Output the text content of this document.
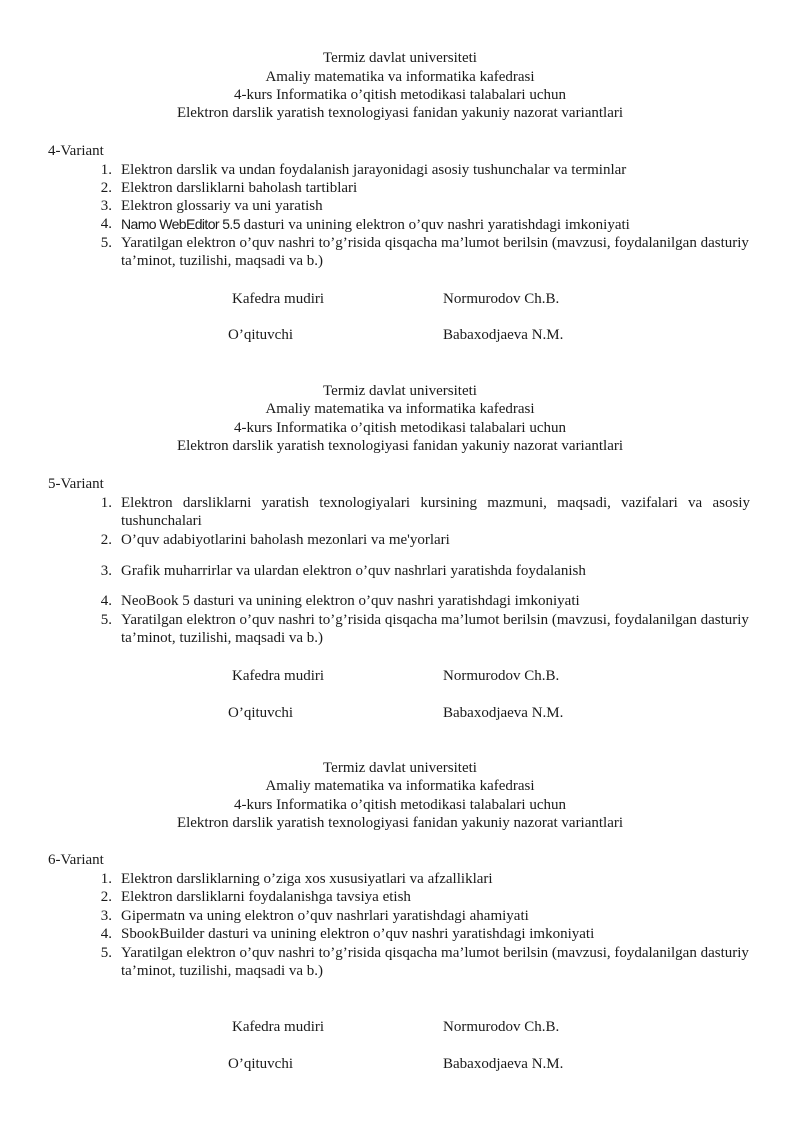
Termiz davlat universiteti
Amaliy matematika va informatika kafedrasi
4-kurs Informatika o’qitish metodikasi talabalari uchun
Elektron darslik yaratish texnologiyasi fanidan yakuniy nazorat variantlari
4-Variant
1. Elektron darslik va undan foydalanish jarayonidagi asosiy tushunchalar va terminlar
2. Elektron darsliklarni baholash tartiblari
3. Elektron glossariy va uni yaratish
4. Namo WebEditor 5.5 dasturi va unining elektron o’quv nashri yaratishdagi imkoniyati
5. Yaratilgan elektron o’quv nashri to’g’risida qisqacha ma’lumot berilsin (mavzusi, foydalanilgan dasturiy ta’minot, tuzilishi, maqsadi va b.)
Kafedra mudiri	Normurodov Ch.B.
O’qituvchi	Babaxodjaeva N.M.
Termiz davlat universiteti
Amaliy matematika va informatika kafedrasi
4-kurs Informatika o’qitish metodikasi talabalari uchun
Elektron darslik yaratish texnologiyasi fanidan yakuniy nazorat variantlari
5-Variant
1. Elektron darsliklarni yaratish texnologiyalari kursining mazmuni, maqsadi, vazifalari va asosiy tushunchalari
2. O’quv adabiyotlarini baholash mezonlari va me'yorlari
3. Grafik muharrirlar va ulardan elektron o’quv nashrlari yaratishda foydalanish
4. NeoBook 5 dasturi va unining elektron o’quv nashri yaratishdagi imkoniyati
5. Yaratilgan elektron o’quv nashri to’g’risida qisqacha ma’lumot berilsin (mavzusi, foydalanilgan dasturiy ta’minot, tuzilishi, maqsadi va b.)
Kafedra mudiri	Normurodov Ch.B.
O’qituvchi	Babaxodjaeva N.M.
Termiz davlat universiteti
Amaliy matematika va informatika kafedrasi
4-kurs Informatika o’qitish metodikasi talabalari uchun
Elektron darslik yaratish texnologiyasi fanidan yakuniy nazorat variantlari
6-Variant
1. Elektron darsliklarning o’ziga xos xususiyatlari va afzalliklari
2. Elektron darsliklarni foydalanishga tavsiya etish
3. Gipermatn va uning elektron o’quv nashrlari yaratishdagi ahamiyati
4. SbookBuilder dasturi va unining elektron o’quv nashri yaratishdagi imkoniyati
5. Yaratilgan elektron o’quv nashri to’g’risida qisqacha ma’lumot berilsin (mavzusi, foydalanilgan dasturiy ta’minot, tuzilishi, maqsadi va b.)
Kafedra mudiri	Normurodov Ch.B.
O’qituvchi	Babaxodjaeva N.M.
